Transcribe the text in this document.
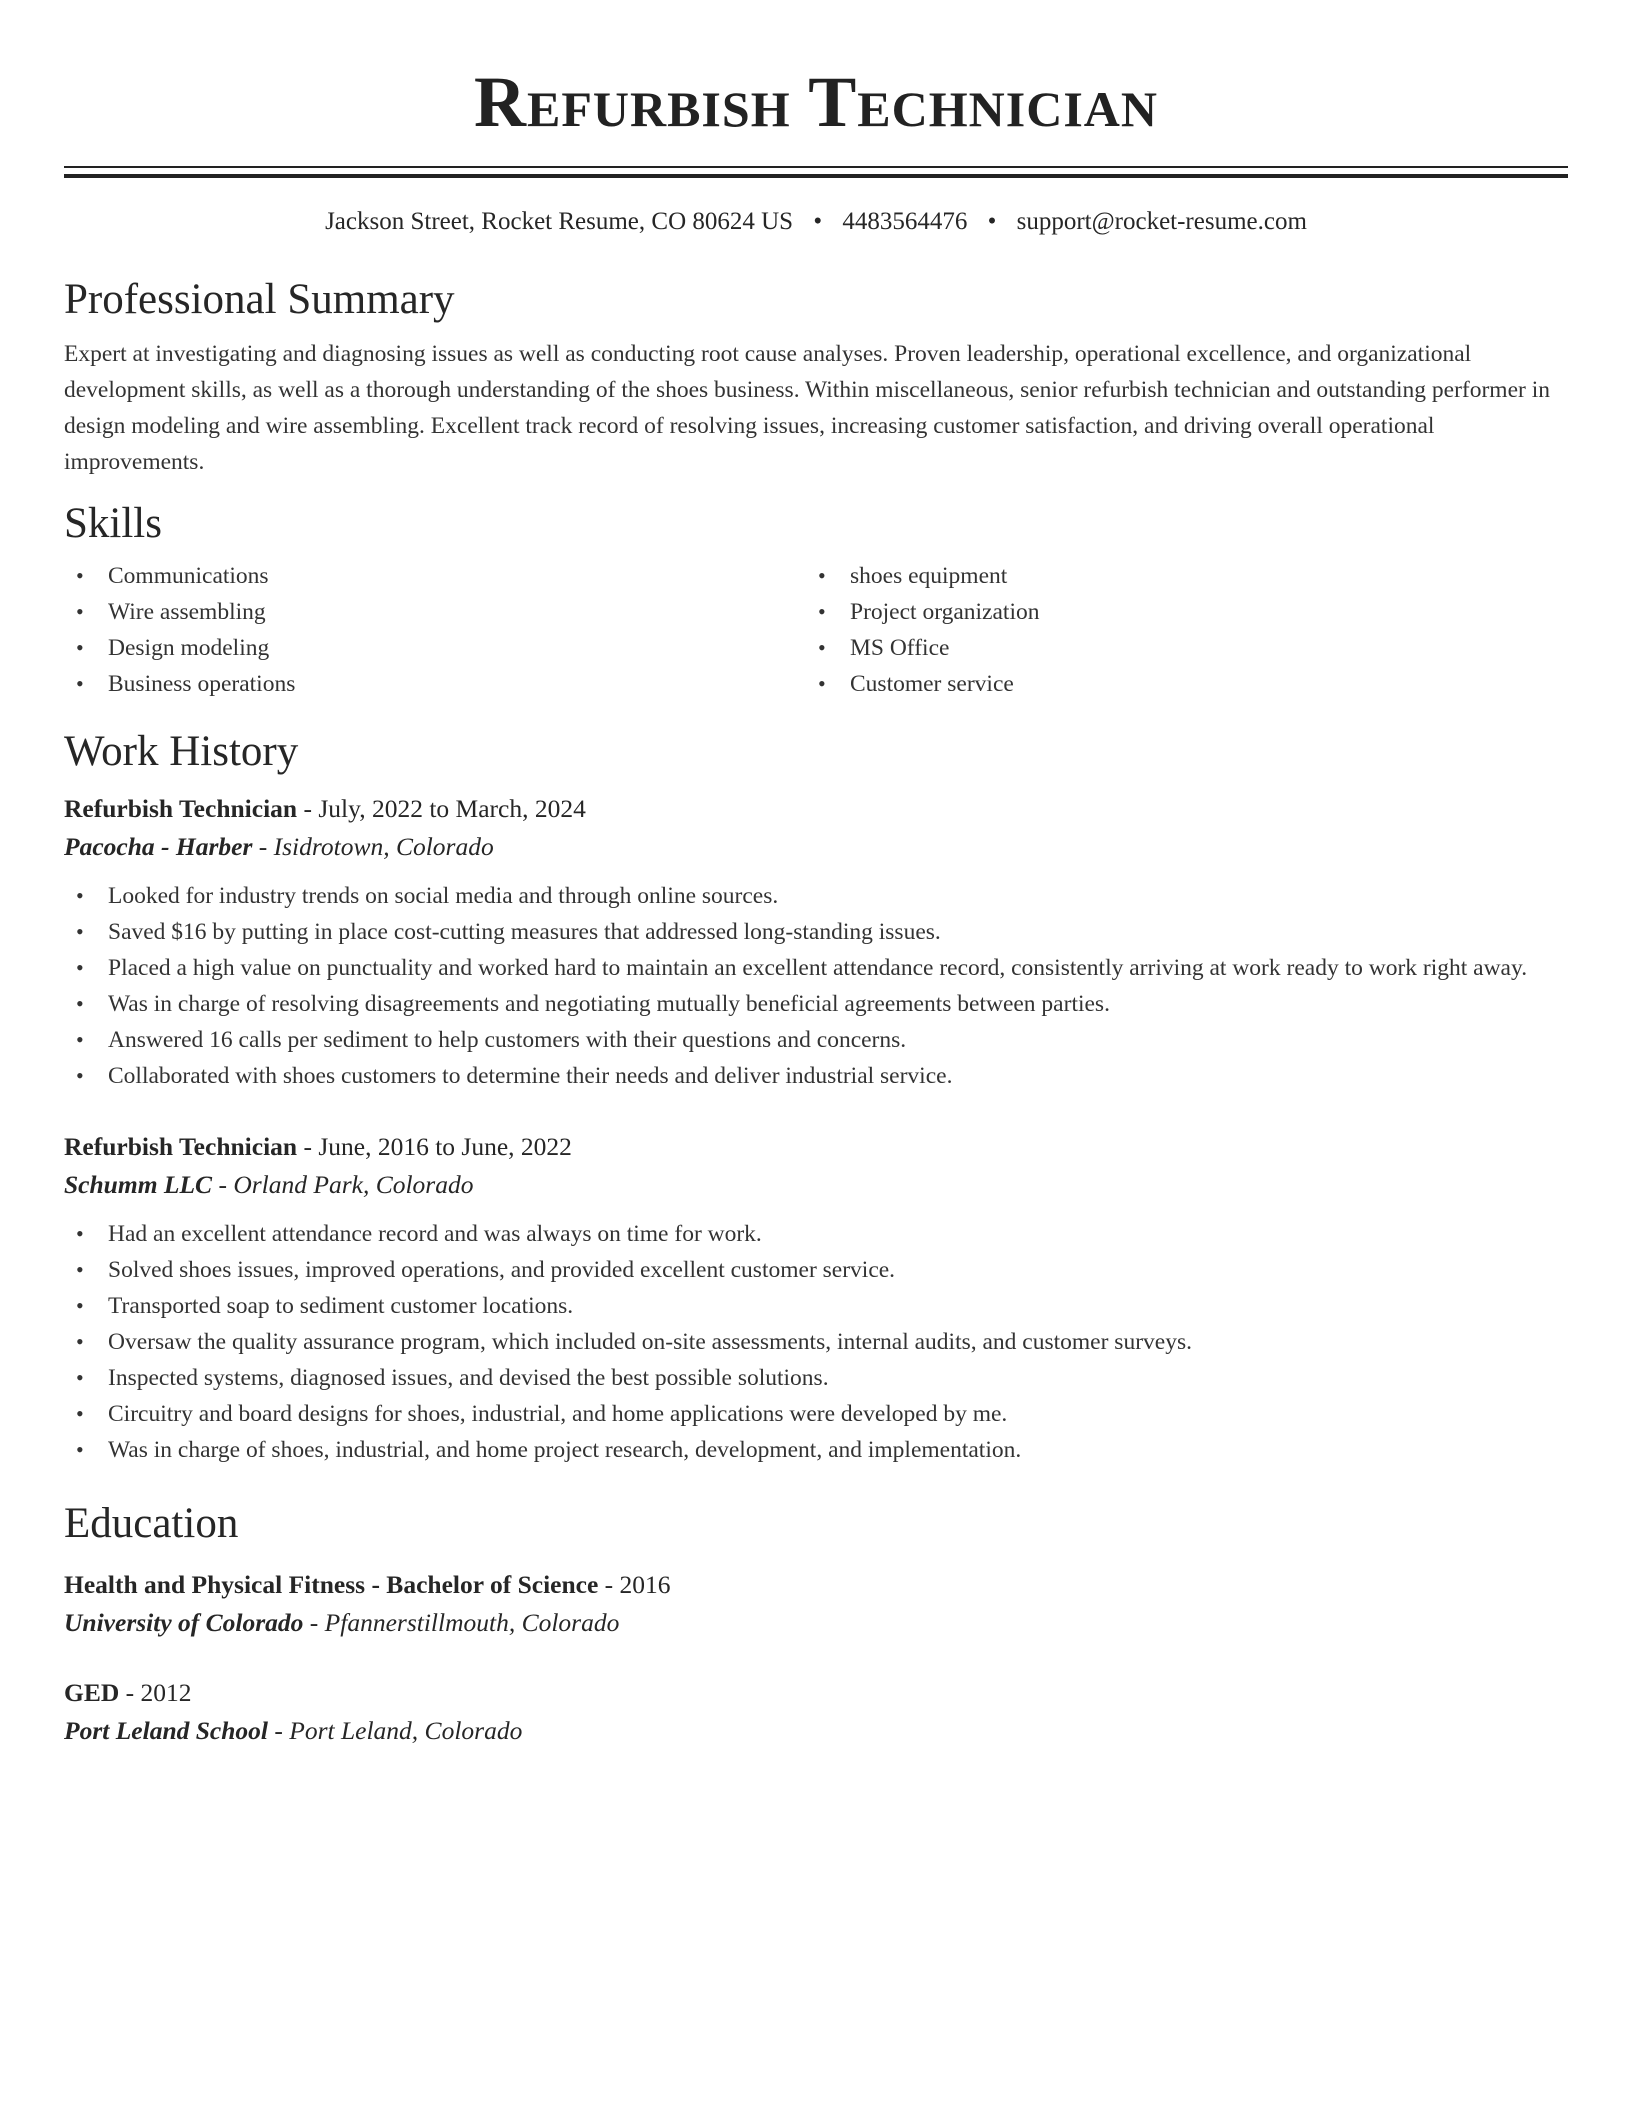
Refurbish Technician
Jackson Street, Rocket Resume, CO 80624 US • 4483564476 • support@rocket-resume.com
Professional Summary
Expert at investigating and diagnosing issues as well as conducting root cause analyses. Proven leadership, operational excellence, and organizational development skills, as well as a thorough understanding of the shoes business. Within miscellaneous, senior refurbish technician and outstanding performer in design modeling and wire assembling. Excellent track record of resolving issues, increasing customer satisfaction, and driving overall operational improvements.
Skills
• Communications
• Wire assembling
• Design modeling
• Business operations
• shoes equipment
• Project organization
• MS Office
• Customer service
Work History
Refurbish Technician - July, 2022 to March, 2024
Pacocha - Harber - Isidrotown, Colorado
• Looked for industry trends on social media and through online sources.
• Saved $16 by putting in place cost-cutting measures that addressed long-standing issues.
• Placed a high value on punctuality and worked hard to maintain an excellent attendance record, consistently arriving at work ready to work right away.
• Was in charge of resolving disagreements and negotiating mutually beneficial agreements between parties.
• Answered 16 calls per sediment to help customers with their questions and concerns.
• Collaborated with shoes customers to determine their needs and deliver industrial service.
Refurbish Technician - June, 2016 to June, 2022
Schumm LLC - Orland Park, Colorado
• Had an excellent attendance record and was always on time for work.
• Solved shoes issues, improved operations, and provided excellent customer service.
• Transported soap to sediment customer locations.
• Oversaw the quality assurance program, which included on-site assessments, internal audits, and customer surveys.
• Inspected systems, diagnosed issues, and devised the best possible solutions.
• Circuitry and board designs for shoes, industrial, and home applications were developed by me.
• Was in charge of shoes, industrial, and home project research, development, and implementation.
Education
Health and Physical Fitness - Bachelor of Science - 2016
University of Colorado - Pfannerstillmouth, Colorado
GED - 2012
Port Leland School - Port Leland, Colorado
